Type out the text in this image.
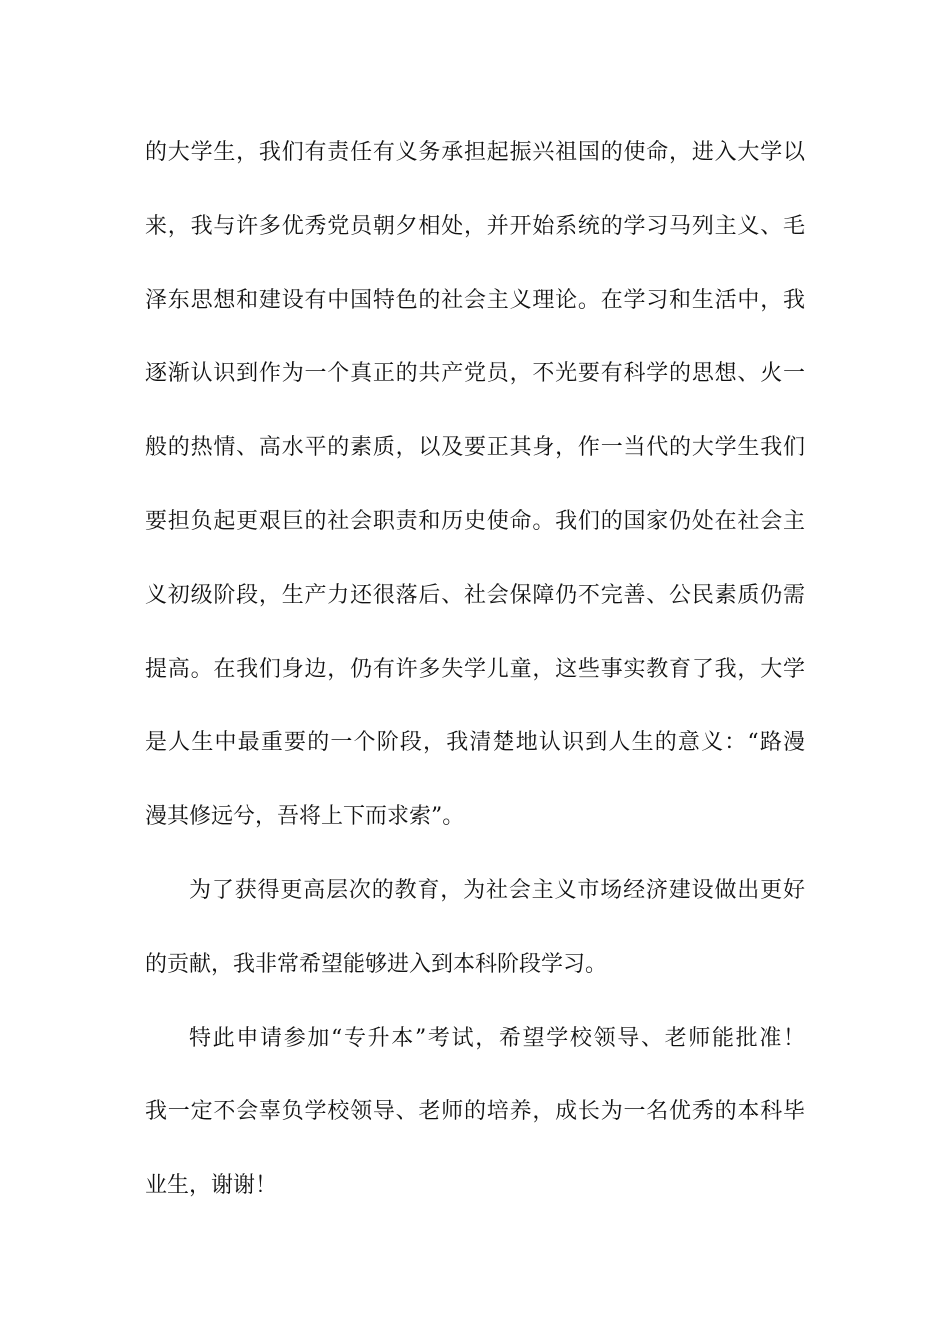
的大学生，我们有责任有义务承担起振兴祖国的使命，进入大学以
来，我与许多优秀党员朝夕相处，并开始系统的学习马列主义、毛
泽东思想和建设有中国特色的社会主义理论。在学习和生活中，我
逐渐认识到作为一个真正的共产党员，不光要有科学的思想、火一
般的热情、高水平的素质，以及要正其身，作一当代的大学生我们
要担负起更艰巨的社会职责和历史使命。我们的国家仍处在社会主
义初级阶段，生产力还很落后、社会保障仍不完善、公民素质仍需
提高。在我们身边，仍有许多失学儿童，这些事实教育了我，大学
是人生中最重要的一个阶段，我清楚地认识到人生的意义：“路漫
漫其修远兮，吾将上下而求索”。
为了获得更高层次的教育，为社会主义市场经济建设做出更好
的贡献，我非常希望能够进入到本科阶段学习。
特此申请参加“专升本”考试，希望学校领导、老师能批准！
我一定不会辜负学校领导、老师的培养，成长为一名优秀的本科毕
业生，谢谢！
